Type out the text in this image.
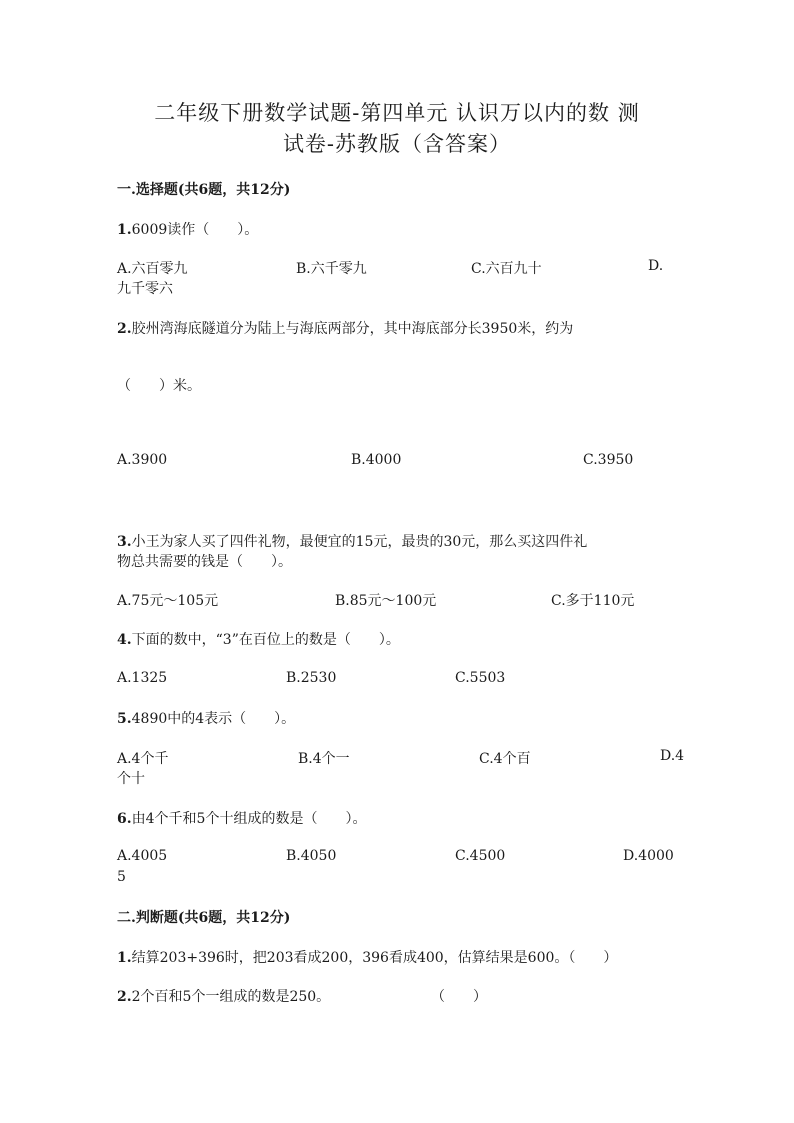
二年级下册数学试题-第四单元 认识万以内的数 测
试卷-苏教版（含答案）
一.选择题(共6题，共12分)
1.6009读作（　　）。
A.六百零九	B.六千零九	C.六百九十	D.
九千零六
2.胶州湾海底隧道分为陆上与海底两部分，其中海底部分长3950米，约为
（　　）米。
A.3900	B.4000	C.3950
3.小王为家人买了四件礼物，最便宜的15元，最贵的30元，那么买这四件礼
物总共需要的钱是（　　）。
A.75元～105元	B.85元～100元	C.多于110元
4.下面的数中，“3”在百位上的数是（　　）。
A.1325	B.2530	C.5503
5.4890中的4表示（　　）。
A.4个千	B.4个一	C.4个百	D.4
个十
6.由4个千和5个十组成的数是（　　）。
A.4005	B.4050	C.4500	D.4000
5
二.判断题(共6题，共12分)
1.结算203+396时，把203看成200，396看成400，估算结果是600。（　　）
2.2个百和5个一组成的数是250。	（　　）
